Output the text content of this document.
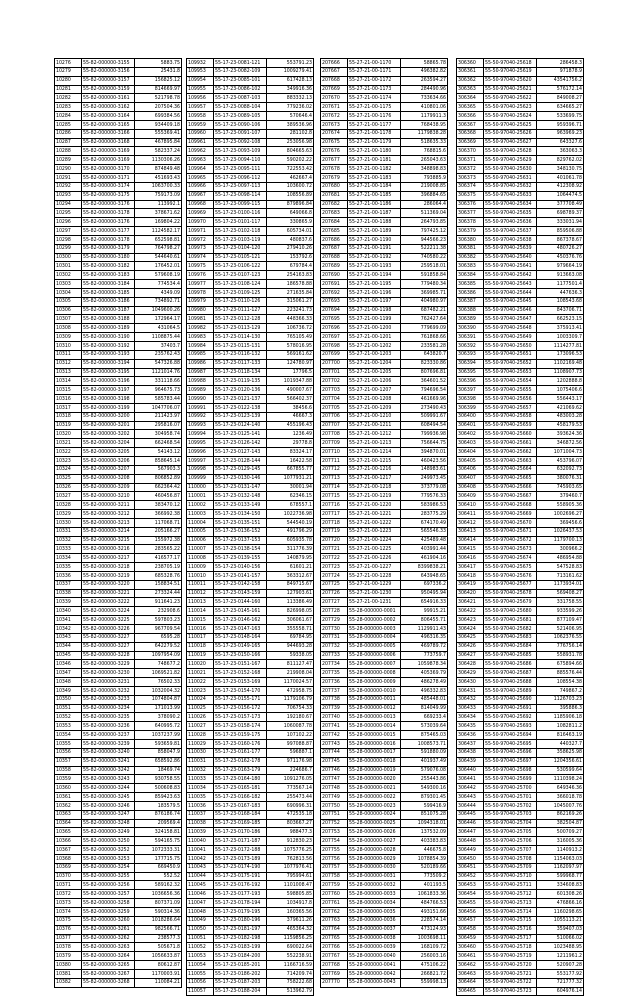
10276	55-82-000000-3155	5883.75
10279	55-82-000000-3156	25431.8
10280	55-82-000000-3157	156825.12
10281	55-82-000000-3159	814669.97
10282	55-82-000000-3161	521798.78
10283	55-82-000000-3162	207504.36
10284	55-82-000000-3164	699384.56
10285	55-82-000000-3165	934409.18
10286	55-82-000000-3166	555369.41
10287	55-82-000000-3168	467895.84
10288	55-82-000000-3169	582337.24
10289	55-82-000000-3169	1130306.26
10290	55-82-000000-3170	874849.48
10291	55-82-000000-3171	451693.43
10292	55-82-000000-3174	1063700.33
10293	55-82-000000-3175	759173.09
10294	55-82-000000-3176	113992.1
10295	55-82-000000-3178	378671.62
10296	55-82-000000-3176	169804.22
10297	55-82-000000-3177	1124582.17
10298	55-82-000000-3178	652598.81
10299	55-82-000000-3179	764798.27
10300	55-82-000000-3180	544640.61
10301	55-82-000000-3182	176452.01
10302	55-82-000000-3183	579608.19
10303	55-82-000000-3184	774534.4
10304	55-82-000000-3185	4349.09
10305	55-82-000000-3186	734892.71
10306	55-82-000000-3187	1049600.26
10307	55-82-000000-3188	172964.17
10308	55-82-000000-3189	431064.5
10309	55-82-000000-3190	1108875.44
10310	55-82-000000-3192	37403.7
10311	55-82-000000-3193	235762.43
10312	55-82-000000-3194	547326.88
10313	55-82-000000-3195	1121014.76
10314	55-82-000000-3196	331118.66
10315	55-82-000000-3197	964675.73
10316	55-82-000000-3198	585783.44
10317	55-82-000000-3199	1047706.07
10318	55-82-000000-3200	211423.97
10319	55-82-000000-3201	295816.07
10320	55-82-000000-3202	304958.74
10321	55-82-000000-3204	662468.54
10322	55-82-000000-3205	54143.12
10323	55-82-000000-3206	858645.14
10324	55-82-000000-3207	567903.3
10325	55-82-000000-3208	806852.89
10326	55-82-000000-3209	662364.42
10327	55-82-000000-3210	460456.87
10328	55-82-000000-3211	383470.12
10329	55-82-000000-3212	366992.38
10330	55-82-000000-3213	117068.71
10331	55-82-000000-3214	205166.27
10332	55-82-000000-3215	155972.38
10333	55-82-000000-3216	283565.22
10334	55-82-000000-3217	416577.17
10335	55-82-000000-3218	238705.19
10336	55-82-000000-3219	685328.76
10337	55-82-000000-3220	158834.51
10338	55-82-000000-3221	273324.44
10339	55-82-000000-3222	911641.23
10340	55-82-000000-3224	232908.6
10341	55-82-000000-3225	597803.23
10342	55-82-000000-3226	967709.54
10343	55-82-000000-3227	6595.28
10344	55-82-000000-3227	642279.52
10345	55-82-000000-3228	1097954.09
10346	55-82-000000-3229	748677.2
10347	55-82-000000-3230	1069521.82
10348	55-82-000000-3231	76502.33
10349	55-82-000000-3232	1032004.32
10350	55-82-000000-3233	1074804.87
10351	55-82-000000-3234	171013.99
10352	55-82-000000-3235	378090.2
10353	55-82-000000-3236	640995.72
10354	55-82-000000-3237	1037237.99
10355	55-82-000000-3239	593659.81
10356	55-82-000000-3240	858047.9
10357	55-82-000000-3241	658592.86
10358	55-82-000000-3242	18469.74
10359	55-82-000000-3243	930758.55
10360	55-82-000000-3244	500608.83
10361	55-82-000000-3245	859423.63
10362	55-82-000000-3246	183579.5
10363	55-82-000000-3247	876186.74
10364	55-82-000000-3248	209569.4
10365	55-82-000000-3249	324158.81
10366	55-82-000000-3250	594165.75
10367	55-82-000000-3252	1072333.31
10368	55-82-000000-3253	177715.75
10369	55-82-000000-3254	669450.9
10370	55-82-000000-3255	552.52
10371	55-82-000000-3256	589162.32
10372	55-82-000000-3257	1036656.36
10373	55-82-000000-3258	807371.09
10374	55-82-000000-3259	590314.36
10375	55-82-000000-3260	1018286.64
10376	55-82-000000-3261	982566.71
10377	55-82-000000-3262	238577.3
10378	55-82-000000-3263	505671.8
10379	55-82-000000-3264	1056633.87
10380	55-82-000000-3265	80612.87
10381	55-82-000000-3267	1170003.91
10382	55-82-000000-3268	110084.21
109932	55-17-23-0081-121	553791.23
109953	55-17-23-0082-109	1009279.41
109954	55-17-23-0085-101	617428.13
109955	55-17-23-0086-102	349916.36
109956	55-17-23-0087-103	883332.13
109957	55-17-23-0088-104	779236.02
109958	55-17-23-0089-105	570646.4
109959	55-17-23-0090-106	389536.96
109960	55-17-23-0091-107	281102.8
109961	55-17-23-0092-108	253056.98
109962	55-17-23-0093-109	804665.63
109963	55-17-23-0094-110	590202.22
109964	55-17-23-0095-111	722553.42
109965	55-17-23-0096-112	462667.4
109966	55-17-23-0097-113	103600.72
109967	55-17-23-0098-114	108556.89
109968	55-17-23-0099-115	879896.84
109969	55-17-23-0100-116	649066.8
109970	55-17-23-0101-117	330865.9
109971	55-17-23-0102-118	605734.01
109972	55-17-23-0103-119	480837.6
109973	55-17-23-0104-120	279410.26
109974	55-17-23-0105-121	153792.6
109975	55-17-23-0106-122	679784.4
109976	55-17-23-0107-123	254163.83
109977	55-17-23-0108-124	186578.88
109978	55-17-23-0109-125	271635.84
109979	55-17-23-0110-126	315061.27
109980	55-17-23-0111-127	223241.73
109981	55-17-23-0112-128	448366.33
109982	55-17-23-0113-129	106736.72
109983	55-17-23-0114-130	765105.49
109984	55-17-23-0115-131	578016.95
109985	55-17-23-0116-132	569161.62
109986	55-17-23-0117-133	124780.97
109987	55-17-23-0118-134	17796.5
109988	55-17-23-0119-135	1019347.88
109989	55-17-23-0120-136	490007.67
109990	55-17-23-0121-137	566402.37
109991	55-17-23-0122-138	38456.6
109992	55-17-23-0123-139	46667.3
109993	55-17-23-0124-140	455196.43
109994	55-17-23-0125-141	1236.49
109995	55-17-23-0126-142	29778.8
109996	55-17-23-0127-143	83324.17
109997	55-17-23-0128-144	16422.58
109998	55-17-23-0129-145	667855.77
109999	55-17-23-0130-146	1077931.21
110000	55-17-23-0131-147	30001.94
110001	55-17-23-0132-148	62346.15
110002	55-17-23-0133-149	678557.1
110003	55-17-23-0134-150	1022736.98
110004	55-17-23-0135-151	544540.19
110005	55-17-23-0136-152	491796.29
110006	55-17-23-0137-153	605935.78
110007	55-17-23-0138-154	311776.39
110008	55-17-23-0139-155	140879.95
110009	55-17-23-0140-156	61601.21
110010	55-17-23-0141-157	363312.67
110011	55-17-23-0142-158	849715.67
110012	55-17-23-0143-159	127903.61
110013	55-17-23-0144-160	113386.49
110014	55-17-23-0145-161	826998.05
110015	55-17-23-0146-162	306061.67
110016	55-17-23-0147-163	355558.71
110017	55-17-23-0148-164	69784.95
110018	55-17-23-0149-165	944693.28
110019	55-17-23-0150-166	59338.05
110020	55-17-23-0151-167	811127.47
110021	55-17-23-0152-168	219908.04
110022	55-17-23-0153-169	1170024.57
110023	55-17-23-0154-170	472958.75
110024	55-17-23-0155-171	1179106.79
110025	55-17-23-0156-172	706754.33
110026	55-17-23-0157-173	192180.67
110027	55-17-23-0158-174	1060087.78
110028	55-17-23-0159-175	107102.22
110029	55-17-23-0160-176	997088.87
110030	55-17-23-0161-177	596887.1
110031	55-17-23-0162-178	971176.98
110032	55-17-23-0163-179	224686.7
110033	55-17-23-0164-180	1091276.05
110034	55-17-23-0165-181	773567.14
110035	55-17-23-0166-182	255473.44
110036	55-17-23-0167-183	690996.31
110037	55-17-23-0168-184	472535.18
110038	55-17-23-0169-185	803667.27
110039	55-17-23-0170-186	988477.3
110040	55-17-23-0171-187	912830.23
110041	55-17-23-0172-188	1075776.25
110042	55-17-23-0173-189	762813.56
110043	55-17-23-0174-190	1077976.41
110044	55-17-23-0175-191	795994.61
110045	55-17-23-0176-192	1101008.47
110046	55-17-23-0177-193	598805.85
110047	55-17-23-0178-194	1034917.8
110048	55-17-23-0179-195	160365.56
110049	55-17-23-0180-196	379611.26
110050	55-17-23-0181-197	465364.32
110051	55-17-23-0182-198	1159856.25
110052	55-17-23-0183-199	690022.64
110053	55-17-23-0184-200	552238.91
110054	55-17-23-0185-201	1166716.59
110055	55-17-23-0186-202	714209.74
110056	55-17-23-0187-203	758222.68
110057	55-17-23-0188-204	513962.79
207666	55-27-21-00-1170	58865.78
207667	55-27-21-00-1171	496382.82
207668	55-27-21-00-1172	263594.27
207669	55-27-21-00-1173	284490.96
207670	55-27-21-00-1174	733634.66
207671	55-27-21-00-1175	410801.06
207672	55-27-21-00-1176	1179911.3
207673	55-27-21-00-1177	768438.95
207674	55-27-21-00-1178	1179838.28
207675	55-27-21-00-1179	518635.33
207676	55-27-21-00-1180	768815.6
207677	55-27-21-00-1181	265043.63
207678	55-27-21-00-1182	348898.83
207679	55-27-21-00-1183	793885.9
207680	55-27-21-00-1184	219008.85
207681	55-27-21-00-1185	396884.65
207682	55-27-21-00-1186	286064.4
207683	55-27-21-00-1187	511369.04
207684	55-27-21-00-1188	264793.85
207685	55-27-21-00-1189	797425.12
207686	55-27-21-00-1190	944566.23
207687	55-27-21-00-1191	522211.38
207688	55-27-21-00-1192	740580.22
207689	55-27-21-00-1193	259518.01
207690	55-27-21-00-1194	591858.84
207691	55-27-21-00-1195	779480.34
207692	55-27-21-00-1196	369985.71
207693	55-27-21-00-1197	404980.97
207694	55-27-21-00-1198	687482.21
207695	55-27-21-00-1199	762427.64
207696	55-27-21-00-1200	779699.09
207697	55-27-21-00-1201	761868.66
207698	55-27-21-00-1202	233581.28
207699	55-27-21-00-1203	643820.7
207700	55-27-21-00-1204	823330.86
207701	55-27-21-00-1205	807696.81
207702	55-27-21-00-1206	364601.52
207703	55-27-21-00-1207	794696.54
207704	55-27-21-00-1208	461669.96
207705	55-27-21-00-1209	273490.43
207706	55-27-21-00-1210	509991.67
207707	55-27-21-00-1211	608494.54
207708	55-27-21-00-1212	799936.98
207709	55-27-21-00-1213	756644.75
207710	55-27-21-00-1214	394870.01
207711	55-27-21-00-1215	460423.56
207712	55-27-21-00-1216	148983.61
207713	55-27-21-00-1217	249973.45
207714	55-27-21-00-1218	373779.08
207715	55-27-21-00-1219	779576.33
207716	55-27-21-00-1220	583986.53
207717	55-27-21-00-1221	283775.29
207718	55-27-21-00-1222	674170.49
207719	55-27-21-00-1223	565546.33
207720	55-27-21-00-1224	425489.48
207721	55-27-21-00-1225	403991.44
207722	55-27-21-00-1226	461904.16
207723	55-27-21-00-1227	8399838.21
207724	55-27-21-00-1228	643948.65
207725	55-27-21-00-1229	697336.2
207726	55-27-21-00-1230	950495.94
207727	55-27-21-00-1231	654916.33
207728	55-28-000000-0001	99915.21
207729	55-28-000000-0002	806455.71
207730	55-28-000000-0003	1129911.43
207731	55-28-000000-0004	496316.35
207732	55-28-000000-0005	469789.72
207733	55-28-000000-0006	773759.7
207734	55-28-000000-0007	1059878.34
207735	55-28-000000-0008	405369.79
207736	55-28-000000-0009	486278.49
207737	55-28-000000-0010	496332.83
207738	55-28-000000-0011	485448.01
207739	55-28-000000-0012	814049.99
207740	55-28-000000-0013	669233.4
207741	55-28-000000-0014	573039.64
207742	55-28-000000-0015	875465.03
207743	55-28-000000-0016	1008573.71
207744	55-28-000000-0017	591880.09
207745	55-28-000000-0018	401937.49
207746	55-28-000000-0019	579076.08
207747	55-28-000000-0020	255443.86
207748	55-28-000000-0021	549300.16
207749	55-28-000000-0022	879301.45
207750	55-28-000000-0023	599416.9
207751	55-28-000000-0024	851075.28
207752	55-28-000000-0025	1094318.01
207753	55-28-000000-0026	137532.09
207754	55-28-000000-0027	403383.83
207755	55-28-000000-0028	446675.8
207756	55-28-000000-0029	1078854.39
207757	55-28-000000-0030	520189.66
207758	55-28-000000-0031	773509.2
207759	55-28-000000-0032	401193.5
207760	55-28-000000-0033	1061833.36
207761	55-28-000000-0034	484766.53
207762	55-28-000000-0035	493151.66
207763	55-28-000000-0036	228574.14
207764	55-28-000000-0037	473124.93
207765	55-28-000000-0038	1003698.11
207766	55-28-000000-0039	168109.72
207767	55-28-000000-0040	256003.16
207768	55-28-000000-0041	475106.22
207769	55-28-000000-0042	266821.72
207770	55-28-000000-0043	559998.13
306360	55-50-97040-25618	286458.3
306361	55-50-97040-25619	971878.9
306362	55-50-97040-25620	43541756.2
306363	55-50-97040-25621	576172.14
306364	55-50-97040-25622	849008.27
306365	55-50-97040-25623	634665.27
306366	55-50-97040-25624	533699.75
306367	55-50-97040-25625	959396.71
306368	55-50-97040-25626	963969.23
306369	55-50-97040-25627	643327.6
306370	55-50-97040-25628	363063.3
306371	55-50-97040-25629	829762.02
306372	55-50-97040-25630	348130.75
306373	55-50-97040-25631	401061.78
306374	55-50-97040-25632	412308.92
306375	55-50-97040-25633	1064474.5
306376	55-50-97040-25634	377708.49
306377	55-50-97040-25635	698789.37
306378	55-50-97040-25636	333031.94
306379	55-50-97040-25637	859506.88
306380	55-50-97040-25638	867378.67
306381	55-50-97040-25639	480726.27
306382	55-50-97040-25640	450376.76
306383	55-50-97040-25641	979664.19
306384	55-50-97040-25642	913663.08
306385	55-50-97040-25643	1177501.4
306386	55-50-97040-25644	447636.3
306387	55-50-97040-25645	108543.68
306388	55-50-97040-25646	843706.71
306389	55-50-97040-25647	662523.15
306390	55-50-97040-25648	375913.41
306391	55-50-97040-25649	1003309.7
306392	55-50-97040-25650	1114277.81
306393	55-50-97040-25651	173096.53
306394	55-50-97040-25652	1102169.48
306395	55-50-97040-25653	1108907.73
306396	55-50-97040-25654	1202888.8
306397	55-50-97040-25655	1075406.6
306398	55-50-97040-25656	556443.17
306399	55-50-97040-25657	421069.62
306400	55-50-97040-25658	483003.28
306401	55-50-97040-25659	458179.53
306402	55-50-97040-25660	393624.36
306403	55-50-97040-25661	346872.56
306404	55-50-97040-25662	1071004.73
306405	55-50-97040-25663	453796.07
306406	55-50-97040-25664	632092.73
306407	55-50-97040-25665	380076.31
306408	55-50-97040-25666	745903.65
306409	55-50-97040-25667	379460.7
306410	55-50-97040-25668	558905.36
306411	55-50-97040-25669	1002696.27
306412	55-50-97040-25670	369456.6
306413	55-50-97040-25671	1026437.53
306414	55-50-97040-25672	1179700.13
306415	55-50-97040-25673	300966.2
306416	55-50-97040-25674	486954.88
306417	55-50-97040-25675	547528.83
306418	55-50-97040-25676	713161.62
306419	55-50-97040-25677	1173934.01
306420	55-50-97040-25678	569408.27
306421	55-50-97040-25679	331758.55
306422	55-50-97040-25680	933599.26
306423	55-50-97040-25681	877109.47
306424	55-50-97040-25682	521406.95
306425	55-50-97040-25683	1062376.55
306426	55-50-97040-25684	776756.14
306427	55-50-97040-25685	558931.78
306428	55-50-97040-25686	675894.66
306429	55-50-97040-25687	885576.44
306430	55-50-97040-25688	108554.38
306431	55-50-97040-25689	749867.2
306432	55-50-97040-25690	1126703.23
306433	55-50-97040-25691	395886.3
306434	55-50-97040-25692	1185906.18
306435	55-50-97040-25693	1082811.2
306436	55-50-97040-25694	816463.19
306437	55-50-97040-25695	440327.7
306438	55-50-97040-25696	358625.98
306439	55-50-97040-25697	1204356.61
306440	55-50-97040-25698	530599.64
306441	55-50-97040-25699	1110398.24
306442	55-50-97040-25700	649346.36
306443	55-50-97040-25701	366018.78
306444	55-50-97040-25702	1045007.76
306445	55-50-97040-25703	862169.26
306446	55-50-97040-25704	382504.87
306447	55-50-97040-25705	500709.27
306448	55-50-97040-25706	316005.36
306449	55-50-97040-25707	1140913.2
306450	55-50-97040-25708	1154063.03
306451	55-50-97040-25709	1162097.97
306452	55-50-97040-25710	599968.77
306453	55-50-97040-25711	334608.83
306454	55-50-97040-25712	601308.26
306455	55-50-97040-25713	476866.16
306456	55-50-97040-25714	1160298.65
306457	55-50-97040-25715	1055113.21
306458	55-50-97040-25716	359407.03
306459	55-50-97040-25717	510066.02
306460	55-50-97040-25718	1023488.95
306461	55-50-97040-25719	1211961.2
306462	55-50-97040-25720	520907.28
306463	55-50-97040-25721	553177.92
306464	55-50-97040-25722	721777.32
306465	55-50-97040-25723	604976.14
